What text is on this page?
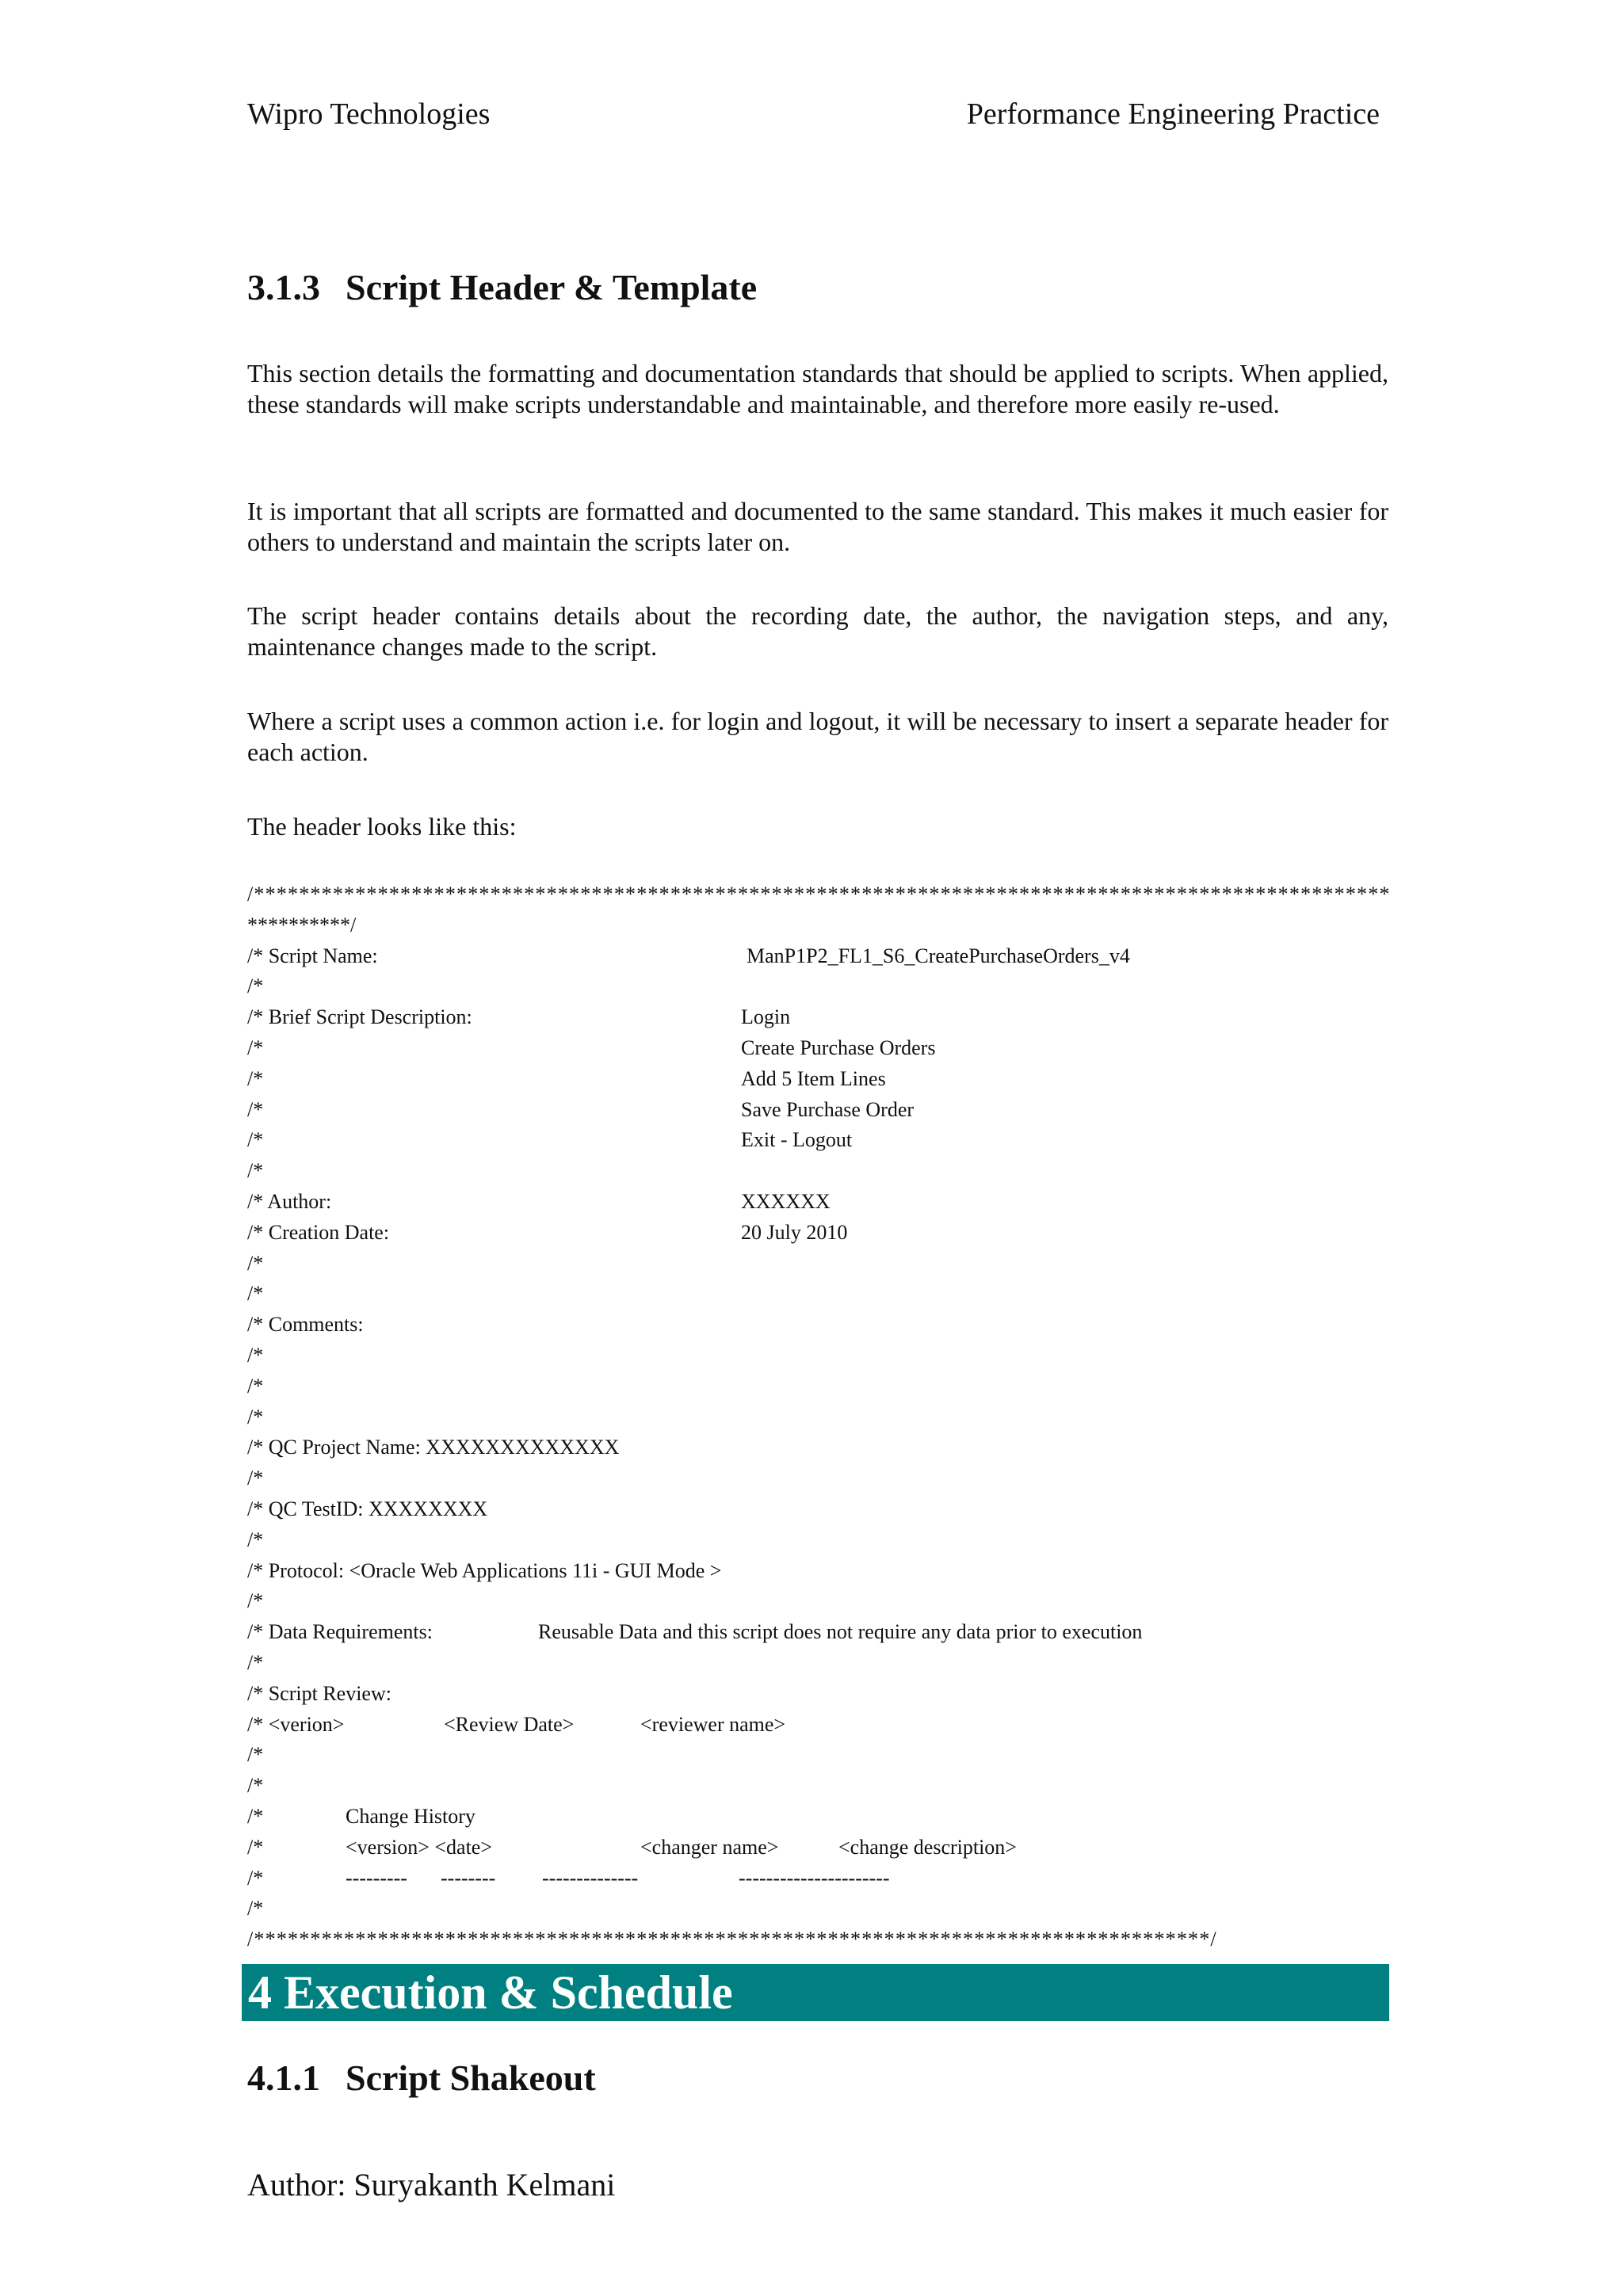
Wipro Technologies	Performance Engineering Practice
3.1.3 Script Header & Template

This section details the formatting and documentation standards that should be applied to scripts. When applied, these standards will make scripts understandable and maintainable, and therefore more easily re-used.

It is important that all scripts are formatted and documented to the same standard. This makes it much easier for others to understand and maintain the scripts later on.

The script header contains details about the recording date, the author, the navigation steps, and any, maintenance changes made to the script.

Where a script uses a common action i.e. for login and logout, it will be necessary to insert a separate header for each action.

The header looks like this:

/*****************************************************************************************************
**********/
/* Script Name:	ManP1P2_FL1_S6_CreatePurchaseOrders_v4
/*
/* Brief Script Description:	Login
/*	Create Purchase Orders
/*	Add 5 Item Lines
/*	Save Purchase Order
/*	Exit - Logout
/*
/* Author:	XXXXXX
/* Creation Date:	20 July 2010
/*
/*
/* Comments:
/*
/*
/*
/* QC Project Name: XXXXXXXXXXXXX
/*
/* QC TestID: XXXXXXXX
/*
/* Protocol: <Oracle Web Applications 11i - GUI Mode >
/*
/* Data Requirements:	Reusable Data and this script does not require any data prior to execution
/*
/* Script Review:
/* <verion>	<Review Date>	<reviewer name>
/*
/*
/*	Change History
/*	<version> <date>	<changer name>	<change description>
/*	--------- -------- --------------	----------------------
/*
/*************************************************************************************/
4 Execution & Schedule
4.1.1 Script Shakeout
Author: Suryakanth Kelmani
